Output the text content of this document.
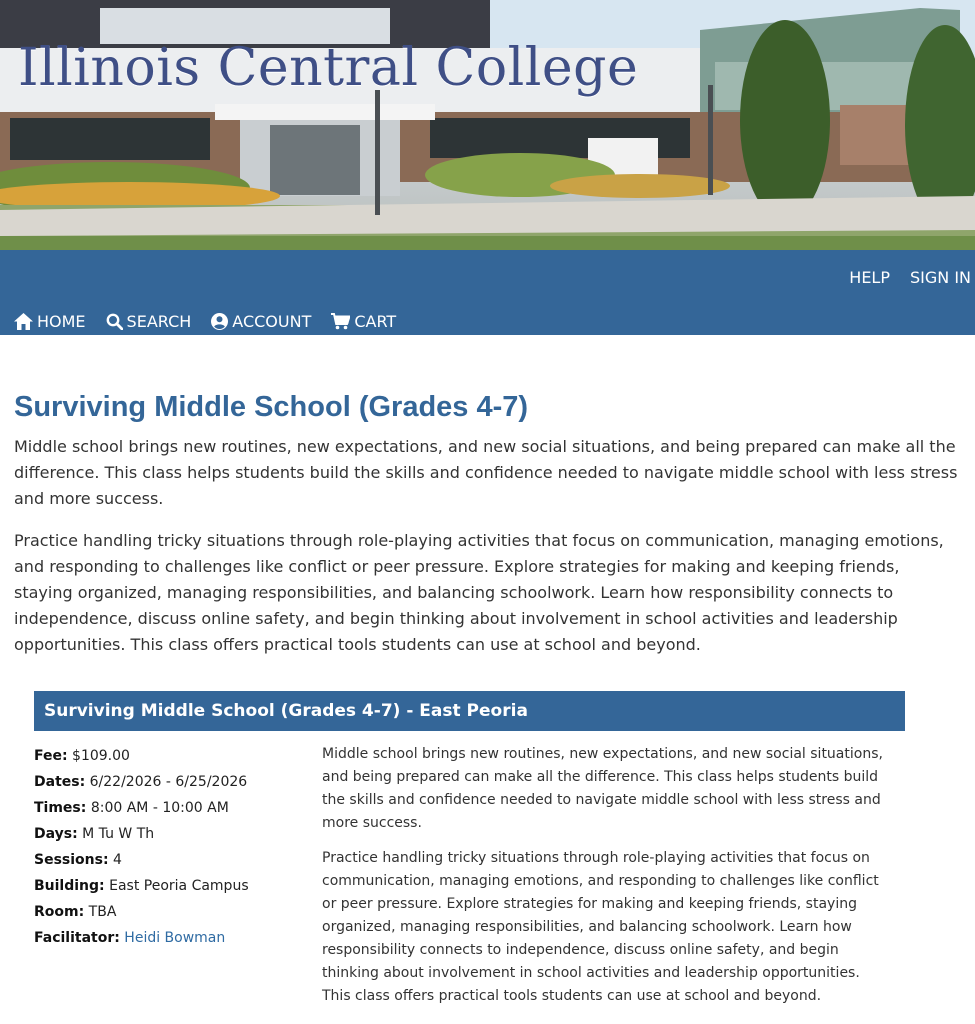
Illinois Central College
HELP SIGN IN
HOME	SEARCH	ACCOUNT	CART
Surviving Middle School (Grades 4-7)

Middle school brings new routines, new expectations, and new social situations, and being prepared can make all the difference. This class helps students build the skills and confidence needed to navigate middle school with less stress and more success.

Practice handling tricky situations through role-playing activities that focus on communication, managing emotions, and responding to challenges like conflict or peer pressure. Explore strategies for making and keeping friends, staying organized, managing responsibilities, and balancing schoolwork. Learn how responsibility connects to independence, discuss online safety, and begin thinking about involvement in school activities and leadership opportunities. This class offers practical tools students can use at school and beyond.

Surviving Middle School (Grades 4-7) - East Peoria
Fee: $109.00
Dates: 6/22/2026 - 6/25/2026
Times: 8:00 AM - 10:00 AM
Days: M Tu W Th
Sessions: 4
Building: East Peoria Campus
Room: TBA
Facilitator: Heidi Bowman

Middle school brings new routines, new expectations, and new social situations, and being prepared can make all the difference. This class helps students build the skills and confidence needed to navigate middle school with less stress and more success.

Practice handling tricky situations through role-playing activities that focus on communication, managing emotions, and responding to challenges like conflict or peer pressure. Explore strategies for making and keeping friends, staying organized, managing responsibilities, and balancing schoolwork. Learn how responsibility connects to independence, discuss online safety, and begin thinking about involvement in school activities and leadership opportunities. This class offers practical tools students can use at school and beyond.
